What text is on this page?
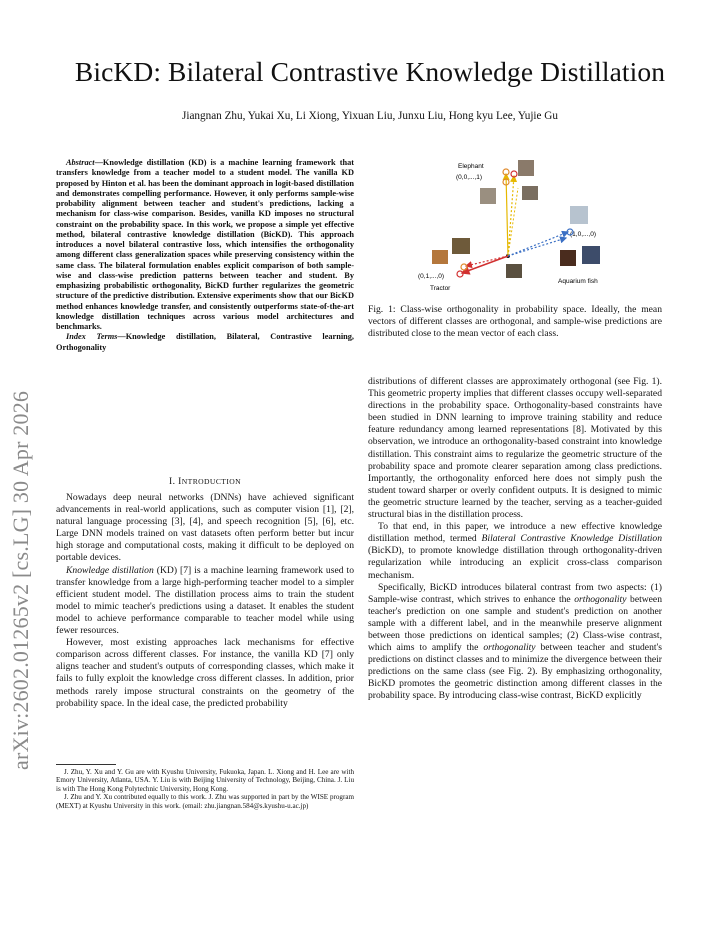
arXiv:2602.01265v2 [cs.LG] 30 Apr 2026
BicKD: Bilateral Contrastive Knowledge Distillation
Jiangnan Zhu, Yukai Xu, Li Xiong, Yixuan Liu, Junxu Liu, Hong kyu Lee, Yujie Gu

Abstract—Knowledge distillation (KD) is a machine learning framework that transfers knowledge from a teacher model to a student model. The vanilla KD proposed by Hinton et al. has been the dominant approach in logit-based distillation and demonstrates compelling performance. However, it only performs sample-wise probability alignment between teacher and student's predictions, lacking a mechanism for class-wise comparison. Besides, vanilla KD imposes no structural constraint on the probability space. In this work, we propose a simple yet effective method, bilateral contrastive knowledge distillation (BicKD). This approach introduces a novel bilateral contrastive loss, which intensifies the orthogonality among different class generalization spaces while preserving consistency within the same class. The bilateral formulation enables explicit comparison of both sample-wise and class-wise prediction patterns between teacher and student. By emphasizing probabilistic orthogonality, BicKD further regularizes the geometric structure of the predictive distribution. Extensive experiments show that our BicKD method enhances knowledge transfer, and consistently outperforms state-of-the-art knowledge distillation techniques across various model architectures and benchmarks.

Index Terms—Knowledge distillation, Bilateral, Contrastive learning, Orthogonality

I. INTRODUCTION

Nowadays deep neural networks (DNNs) have achieved significant advancements in real-world applications, such as computer vision [1], [2], natural language processing [3], [4], and speech recognition [5], [6], etc. Large DNN models trained on vast datasets often perform better but incur high storage and computational costs, making it difficult to be deployed on portable devices.

Knowledge distillation (KD) [7] is a machine learning framework used to transfer knowledge from a large high-performing teacher model to a simpler efficient student model. The distillation process aims to train the student model to mimic teacher's predictions using a dataset. It enables the student model to achieve performance comparable to teacher model while using fewer resources.

However, most existing approaches lack mechanisms for effective comparison across different classes. For instance, the vanilla KD [7] only aligns teacher and student's outputs of corresponding classes, which make it fails to fully exploit the knowledge cross different classes. In addition, prior methods rarely impose structural constraints on the geometry of the probability space. In the ideal case, the predicted probability

J. Zhu, Y. Xu and Y. Gu are with Kyushu University, Fukuoka, Japan. L. Xiong and H. Lee are with Emory University, Atlanta, USA. Y. Liu is with Beijing University of Technology, Beijing, China. J. Liu is with The Hong Kong Polytechnic University, Hong Kong.

J. Zhu and Y. Xu contributed equally to this work. J. Zhu was supported in part by the WISE program (MEXT) at Kyushu University in this work. (email: zhu.jiangnan.584@s.kyushu-u.ac.jp)

Elephant
(0,0,...,1)
(1,0,...,0)
Aquarium fish
(0,1,...,0)
Tractor
Fig. 1: Class-wise orthogonality in probability space. Ideally, the mean vectors of different classes are orthogonal, and sample-wise predictions are distributed close to the mean vector of each class.

distributions of different classes are approximately orthogonal (see Fig. 1). This geometric property implies that different classes occupy well-separated directions in the probability space. Orthogonality-based constraints have been studied in DNN learning to improve training stability and reduce feature redundancy among learned representations [8]. Motivated by this observation, we introduce an orthogonality-based constraint into knowledge distillation. This constraint aims to regularize the geometric structure of the probability space and promote clearer separation among class predictions. Importantly, the orthogonality enforced here does not simply push the student toward sharper or overly confident outputs. It is designed to mimic the geometric structure learned by the teacher, serving as a teacher-guided structural bias in the distillation process.

To that end, in this paper, we introduce a new effective knowledge distillation method, termed Bilateral Contrastive Knowledge Distillation (BicKD), to promote knowledge distillation through orthogonality-driven regularization while introducing an explicit cross-class comparison mechanism.

Specifically, BicKD introduces bilateral contrast from two aspects: (1) Sample-wise contrast, which strives to enhance the orthogonality between teacher's prediction on one sample and student's prediction on another sample with a different label, and in the meanwhile preserve alignment between those predictions on identical samples; (2) Class-wise contrast, which aims to amplify the orthogonality between teacher and student's predictions on distinct classes and to minimize the divergence between their predictions on the same class (see Fig. 2). By emphasizing orthogonality, BicKD promotes the geometric distinction among different classes in the probability space. By introducing class-wise contrast, BicKD explicitly
